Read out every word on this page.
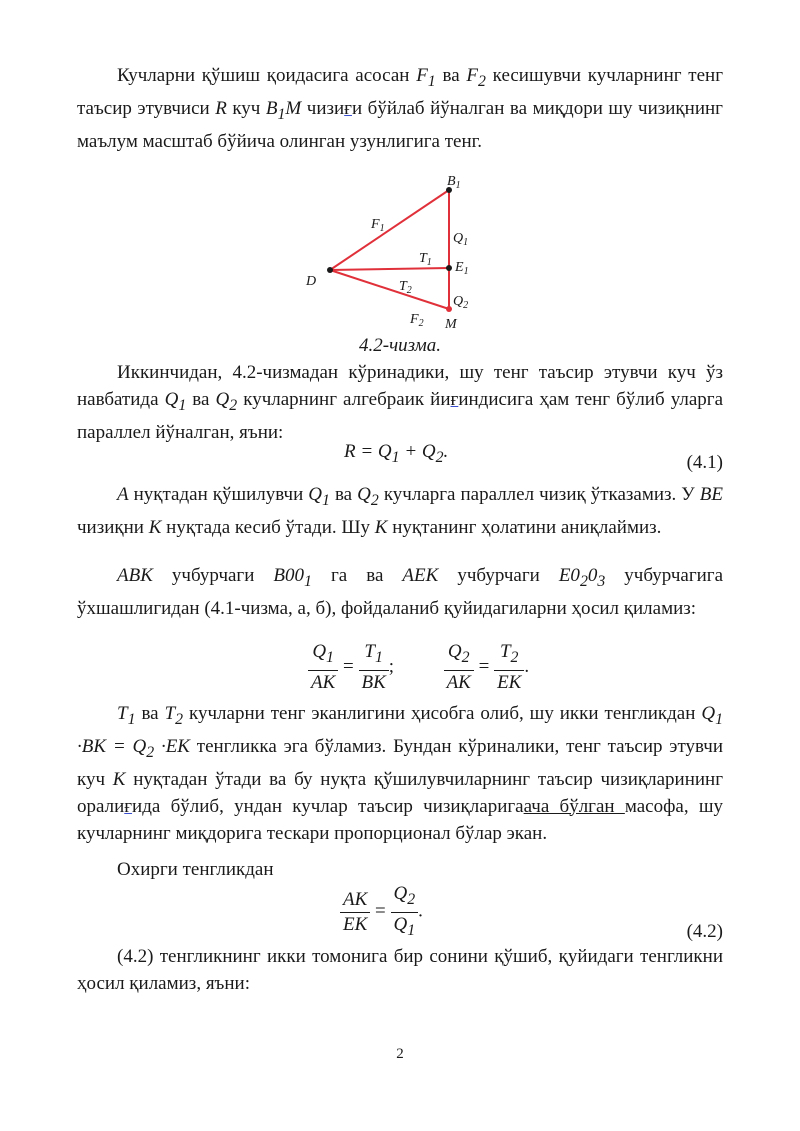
Кучларни қўшиш қоидасига асосан $F_1$ ва $F_2$ кесишувчи кучларнинг тенг таъсир этувчиси R куч $B_1M$ чизиғи бўйлаб йўналган ва миқдори шу чизиқнинг маълум масштаб бўйича олинган узунлигига тенг.
$B_1$
$F_1$
$Q_1$
$T_1$ $E_1$
D	$T_2$
$Q_2$
$F_2$ M
4.2-чизма.
Иккинчидан, 4.2-чизмадан кўринадики, шу тенг таъсир этувчи куч ўз навбатида $Q_1$ ва $Q_2$ кучларнинг алгебраик йиғиндисига ҳам тенг бўлиб уларга параллел йўналган, яъни:
$R = Q_1 + Q_2$.
(4.1)
A нуқтадан қўшилувчи $Q_1$ ва $Q_2$ кучларга параллел чизиқ ўтказамиз. У BE чизиқни K нуқтада кесиб ўтади. Шу K нуқтанинг ҳолатини аниқлаймиз.
ABK учбурчаги $B00_1$ га ва AEK учбурчаги $E0_20_3$ учбурчагига ўхшашлигидан (4.1-чизма, а, б), фойдаланиб қуйидагиларни ҳосил қиламиз:
$\frac{Q_1}{AK} = \frac{T_1}{BK}$ ;	$\frac{Q_2}{AK} = \frac{T_2}{EK}$ .
$T_1$ ва $T_2$ кучларни тенг эканлигини ҳисобга олиб, шу икки тенгликдан $Q_1 \cdot BK = Q_2 \cdot EK$ тенгликка эга бўламиз. Бундан кўриналики, тенг таъсир этувчи куч K нуқтадан ўтади ва бу нуқта қўшилувчиларнинг таъсир чизиқларининг оралиғида бўлиб, ундан кучлар таъсир чизиқларигаача бўлган масофа, шу кучларнинг миқдорига тескари пропорционал бўлар экан.
Охирги тенгликдан
$\frac{AK}{EK} = \frac{Q_2}{Q_1}$ .
(4.2)
(4.2) тенгликнинг икки томонига бир сонини қўшиб, қуйидаги тенгликни ҳосил қиламиз, яъни:
2
